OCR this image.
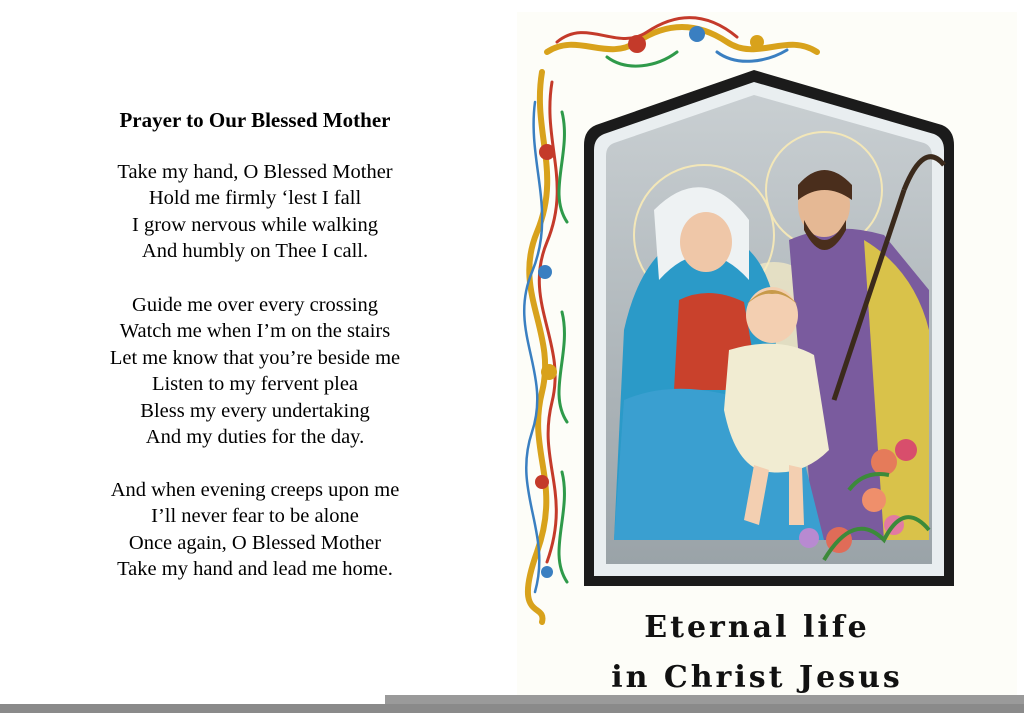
Prayer to Our Blessed Mother
Take my hand, O Blessed Mother
Hold me firmly ‘lest I fall
I grow nervous while walking
And humbly on Thee I call.
Guide me over every crossing
Watch me when I’m on the stairs
Let me know that you’re beside me
Listen to my fervent plea
Bless my every undertaking
And my duties for the day.
And when evening creeps upon me
I’ll never fear to be alone
Once again, O Blessed Mother
Take my hand and lead me home.
Eternal life
in Christ Jesus
